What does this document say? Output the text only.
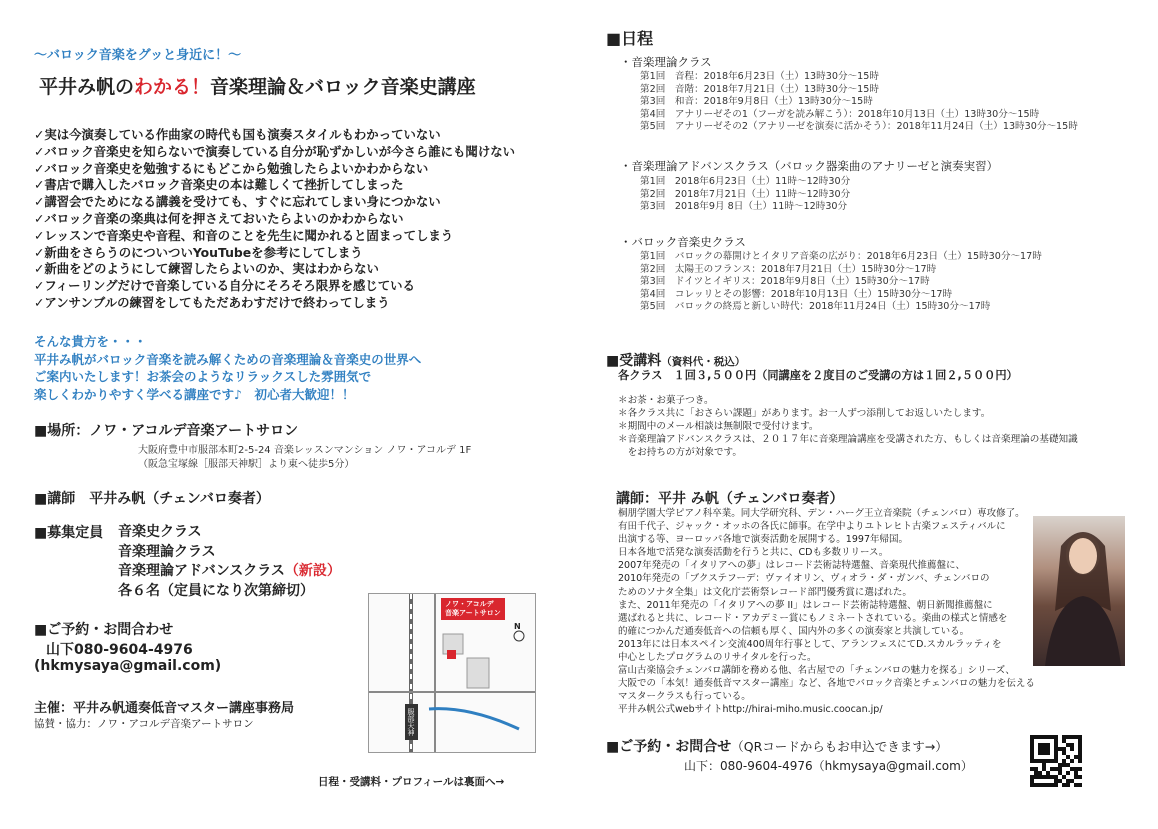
～バロック音楽をグッと身近に！～
平井み帆のわかる！音楽理論＆バロック音楽史講座
✓実は今演奏している作曲家の時代も国も演奏スタイルもわかっていない
✓バロック音楽史を知らないで演奏している自分が恥ずかしいが今さら誰にも聞けない
✓バロック音楽史を勉強するにもどこから勉強したらよいかわからない
✓書店で購入したバロック音楽史の本は難しくて挫折してしまった
✓講習会でためになる講義を受けても、すぐに忘れてしまい身につかない
✓バロック音楽の楽典は何を押さえておいたらよいのかわからない
✓レッスンで音楽史や音程、和音のことを先生に聞かれると固まってしまう
✓新曲をさらうのについついYouTubeを参考にしてしまう
✓新曲をどのようにして練習したらよいのか、実はわからない
✓フィーリングだけで音楽している自分にそろそろ限界を感じている
✓アンサンブルの練習をしてもただあわすだけで終わってしまう
そんな貴方を・・・
平井み帆がバロック音楽を読み解くための音楽理論＆音楽史の世界へ
ご案内いたします！お茶会のようなリラックスした雰囲気で
楽しくわかりやすく学べる講座です♪　初心者大歓迎！！
■場所：ノワ・アコルデ音楽アートサロン
大阪府豊中市服部本町2-5-24 音楽レッスンマンション ノワ・アコルデ 1F
（阪急宝塚線［服部天神駅］より東へ徒歩5分）
■講師　平井み帆（チェンバロ奏者）
■募集定員 音楽史クラス
音楽理論クラス
音楽理論アドバンスクラス（新設）
各６名（定員になり次第締切）
■ご予約・お問合わせ
山下080-9604-4976
(hkmysaya@gmail.com)
主催：平井み帆通奏低音マスター講座事務局
協賛・協力：ノワ・アコルデ音楽アートサロン
日程・受講料・プロフィールは裏面へ→
ノワ・アコルデ
音楽アートサロン
N
服部天神
■日程
・音楽理論クラス
第1回　音程：2018年6月23日（土）13時30分～15時
第2回　音階：2018年7月21日（土）13時30分～15時
第3回　和音：2018年9月8日（土）13時30分～15時
第4回　アナリーゼその1（フーガを読み解こう）：2018年10月13日（土）13時30分～15時
第5回　アナリーゼその2（アナリーゼを演奏に活かそう）：2018年11月24日（土）13時30分～15時
・音楽理論アドバンスクラス（バロック器楽曲のアナリーゼと演奏実習）
第1回　2018年6月23日（土）11時～12時30分
第2回　2018年7月21日（土）11時～12時30分
第3回　2018年9月 8日（土）11時～12時30分
・バロック音楽史クラス
第1回　バロックの幕開けとイタリア音楽の広がり：2018年6月23日（土）15時30分～17時
第2回　太陽王のフランス：2018年7月21日（土）15時30分～17時
第3回　ドイツとイギリス：2018年9月8日（土）15時30分～17時
第4回　コレッリとその影響：2018年10月13日（土）15時30分～17時
第5回　バロックの終焉と新しい時代：2018年11月24日（土）15時30分～17時
■受講料（資料代・税込）
各クラス　１回３,５００円（同講座を２度目のご受講の方は１回２,５００円）
＊お茶・お菓子つき。
＊各クラス共に「おさらい課題」があります。お一人ずつ添削してお返しいたします。
＊期間中のメール相談は無制限で受付けます。
＊音楽理論アドバンスクラスは、２０１７年に音楽理論講座を受講された方、もしくは音楽理論の基礎知識
　をお持ちの方が対象です。
講師：平井 み帆（チェンバロ奏者）
桐朋学園大学ピアノ科卒業。同大学研究科、デン・ハーグ王立音楽院（チェンバロ）専攻修了。
有田千代子、ジャック・オッホの各氏に師事。在学中よりユトレヒト古楽フェスティバルに
出演する等、ヨーロッパ各地で演奏活動を展開する。1997年帰国。
日本各地で活発な演奏活動を行うと共に、CDも多数リリース。
2007年発売の「イタリアへの夢」はレコード芸術誌特選盤、音楽現代推薦盤に、
2010年発売の「ブクステフーデ：ヴァイオリン、ヴィオラ・ダ・ガンバ、チェンバロの
ためのソナタ全集」は文化庁芸術祭レコード部門優秀賞に選ばれた。
また、2011年発売の「イタリアへの夢 II」はレコード芸術誌特選盤、朝日新聞推薦盤に
選ばれると共に、レコード・アカデミー賞にもノミネートされている。楽曲の様式と情感を
的確につかんだ通奏低音への信頼も厚く、国内外の多くの演奏家と共演している。
2013年には日本スペイン交流400周年行事として、アランフェスにてD.スカルラッティを
中心としたプログラムのリサイタルを行った。
富山古楽協会チェンバロ講師を務める他、名古屋での「チェンバロの魅力を探る」シリーズ、
大阪での「本気！通奏低音マスター講座」など、各地でバロック音楽とチェンバロの魅力を伝える
マスタークラスも行っている。
平井み帆公式webサイトhttp://hirai-miho.music.coocan.jp/
■ご予約・お問合せ（QRコードからもお申込できます→）
山下：080-9604-4976（hkmysaya@gmail.com）
